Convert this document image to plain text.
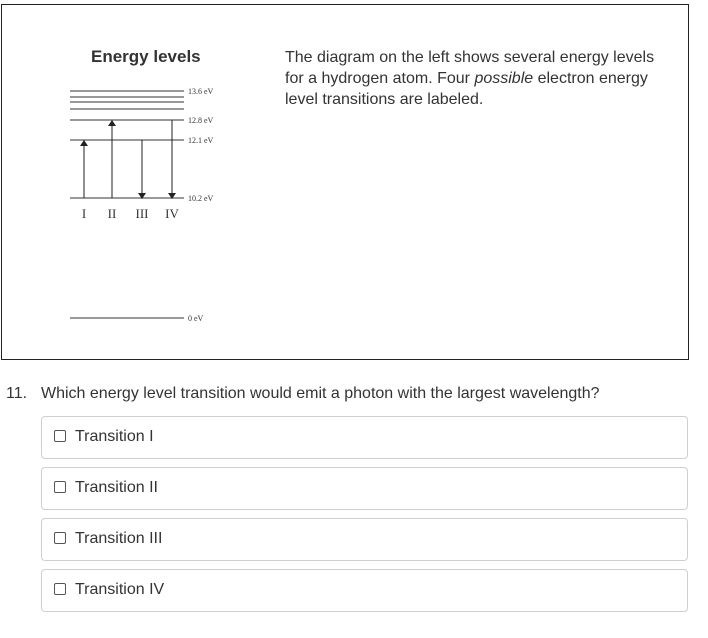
Energy levels
13.6 eV
12.8 eV
12.1 eV
10.2 eV
0 eV
I II III IV
The diagram on the left shows several energy levels for a hydrogen atom. Four possible electron energy level transitions are labeled.
11. Which energy level transition would emit a photon with the largest wavelength?
Transition I
Transition II
Transition III
Transition IV
